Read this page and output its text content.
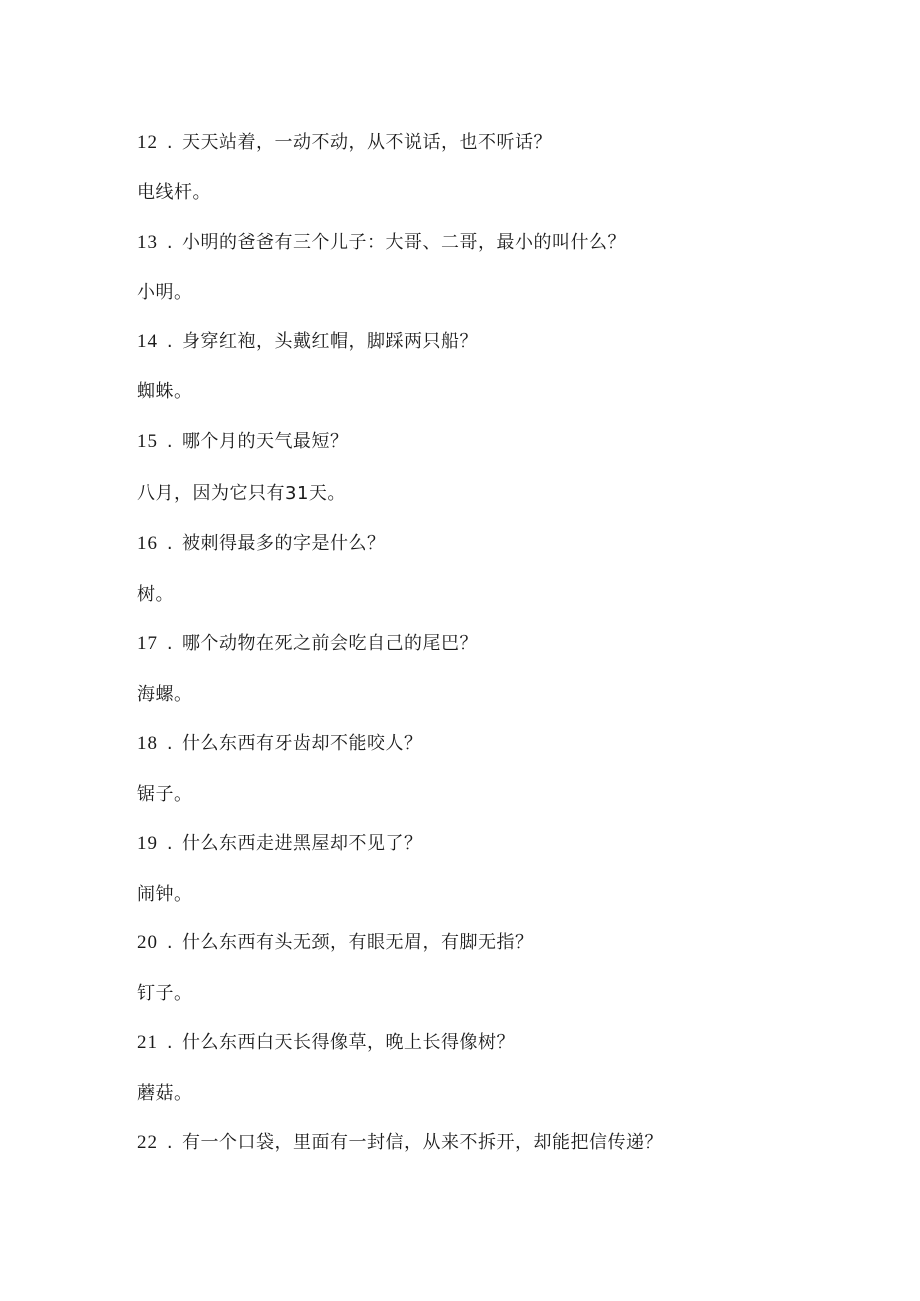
12 . 天天站着，一动不动，从不说话，也不听话？
电线杆。
13 . 小明的爸爸有三个儿子：大哥、二哥，最小的叫什么？
小明。
14 . 身穿红袍，头戴红帽，脚踩两只船？
蜘蛛。
15 . 哪个月的天气最短？
八月，因为它只有31天。
16 . 被刺得最多的字是什么？
树。
17 . 哪个动物在死之前会吃自己的尾巴？
海螺。
18 . 什么东西有牙齿却不能咬人？
锯子。
19 . 什么东西走进黑屋却不见了？
闹钟。
20 . 什么东西有头无颈，有眼无眉，有脚无指？
钉子。
21 . 什么东西白天长得像草，晚上长得像树？
蘑菇。
22 . 有一个口袋，里面有一封信，从来不拆开，却能把信传递？
